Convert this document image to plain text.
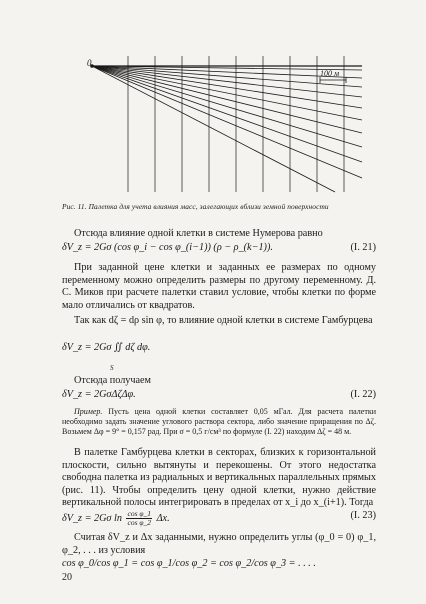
0
100 м
Рис. 11. Палетка для учета влияния масс, залегающих вблизи земной поверхности

Отсюда влияние одной клетки в системе Нумерова равно

δV_z = 2Gσ (cos φ_i − cos φ_(i−1)) (ρ − ρ_(k−1)).	(I. 21)

При заданной цене клетки и заданных ее размерах по одному переменному можно определить размеры по другому переменному. Д. С. Миков при расчете палетки ставил условие, чтобы клетки по форме мало отличались от квадратов.

Так как dζ = dρ sin φ, то влияние одной клетки в системе Гамбурцева

δV_z = 2Gσ ∬ dζ dφ.
S

Отсюда получаем

δV_z = 2GσΔζΔφ.	(I. 22)

Пример. Пусть цена одной клетки составляет 0,05 мГал. Для расчета палетки необходимо задать значение углового раствора сектора, либо значение приращения по Δζ. Возьмем Δφ = 9° = 0,157 рад. При σ = 0,5 г/см³ по формуле (I. 22) находим Δζ = 48 м.

В палетке Гамбурцева клетки в секторах, близких к горизонтальной плоскости, сильно вытянуты и перекошены. От этого недостатка свободна палетка из радиальных и вертикальных параллельных прямых (рис. 11). Чтобы определить цену одной клетки, нужно действие вертикальной полосы интегрировать в пределах от x_i до x_(i+1). Тогда

δV_z = 2Gσ $\ln \frac{\text{cos φ\_1}}{\text{cos φ\_2}} \Delta x$.	(I. 23)

Считая δV_z и Δx заданными, нужно определить углы (φ_0 = 0) φ_1, φ_2, . . . из условия

cos φ_0/cos φ_1 = cos φ_1/cos φ_2 = cos φ_2/cos φ_3 = . . . .

20
